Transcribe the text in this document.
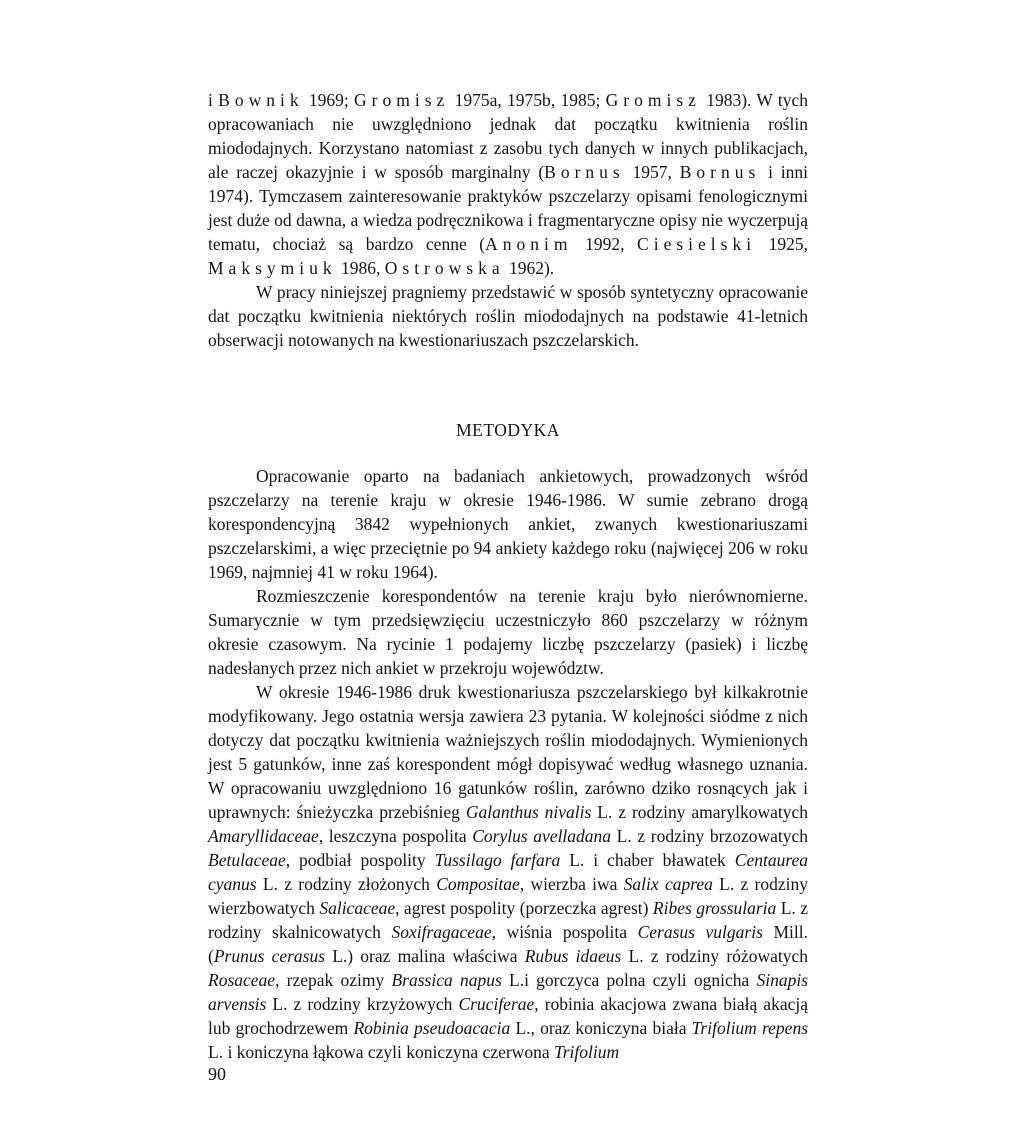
i Bownik 1969; Gromisz 1975a, 1975b, 1985; Gromisz 1983). W tych opracowaniach nie uwzględniono jednak dat początku kwitnienia roślin miododajnych. Korzystano natomiast z zasobu tych danych w innych publikacjach, ale raczej okazyjnie i w sposób marginalny (Bornus 1957, Bornus i inni 1974). Tymczasem zainteresowanie praktyków pszczelarzy opisami fenologicznymi jest duże od dawna, a wiedza podręcznikowa i fragmentaryczne opisy nie wyczerpują tematu, chociaż są bardzo cenne (Anonim 1992, Ciesielski 1925, Maksymiuk 1986, Ostrowska 1962).

W pracy niniejszej pragniemy przedstawić w sposób syntetyczny opracowanie dat początku kwitnienia niektórych roślin miododajnych na podstawie 41-letnich obserwacji notowanych na kwestionariuszach pszczelarskich.

METODYKA

Opracowanie oparto na badaniach ankietowych, prowadzonych wśród pszczelarzy na terenie kraju w okresie 1946-1986. W sumie zebrano drogą korespondencyjną 3842 wypełnionych ankiet, zwanych kwestionariuszami pszczelarskimi, a więc przeciętnie po 94 ankiety każdego roku (najwięcej 206 w roku 1969, najmniej 41 w roku 1964).

Rozmieszczenie korespondentów na terenie kraju było nierównomierne. Sumarycznie w tym przedsięwzięciu uczestniczyło 860 pszczelarzy w różnym okresie czasowym. Na rycinie 1 podajemy liczbę pszczelarzy (pasiek) i liczbę nadesłanych przez nich ankiet w przekroju województw.

W okresie 1946-1986 druk kwestionariusza pszczelarskiego był kilkakrotnie modyfikowany. Jego ostatnia wersja zawiera 23 pytania. W kolejności siódme z nich dotyczy dat początku kwitnienia ważniejszych roślin miododajnych. Wymienionych jest 5 gatunków, inne zaś korespondent mógł dopisywać według własnego uznania. W opracowaniu uwzględniono 16 gatunków roślin, zarówno dziko rosnących jak i uprawnych: śnieżyczka przebiśnieg Galanthus nivalis L. z rodziny amarylkowatych Amaryllidaceae, leszczyna pospolita Corylus avelladana L. z rodziny brzozowatych Betulaceae, podbiał pospolity Tussilago farfara L. i chaber bławatek Centaurea cyanus L. z rodziny złożonych Compositae, wierzba iwa Salix caprea L. z rodziny wierzbowatych Salicaceae, agrest pospolity (porzeczka agrest) Ribes grossularia L. z rodziny skalnicowatych Soxifragaceae, wiśnia pospolita Cerasus vulgaris Mill. (Prunus cerasus L.) oraz malina właściwa Rubus idaeus L. z rodziny różowatych Rosaceae, rzepak ozimy Brassica napus L.i gorczyca polna czyli ognicha Sinapis arvensis L. z rodziny krzyżowych Cruciferae, robinia akacjowa zwana białą akacją lub grochodrzewem Robinia pseudoacacia L., oraz koniczyna biała Trifolium repens L. i koniczyna łąkowa czyli koniczyna czerwona Trifolium

90
